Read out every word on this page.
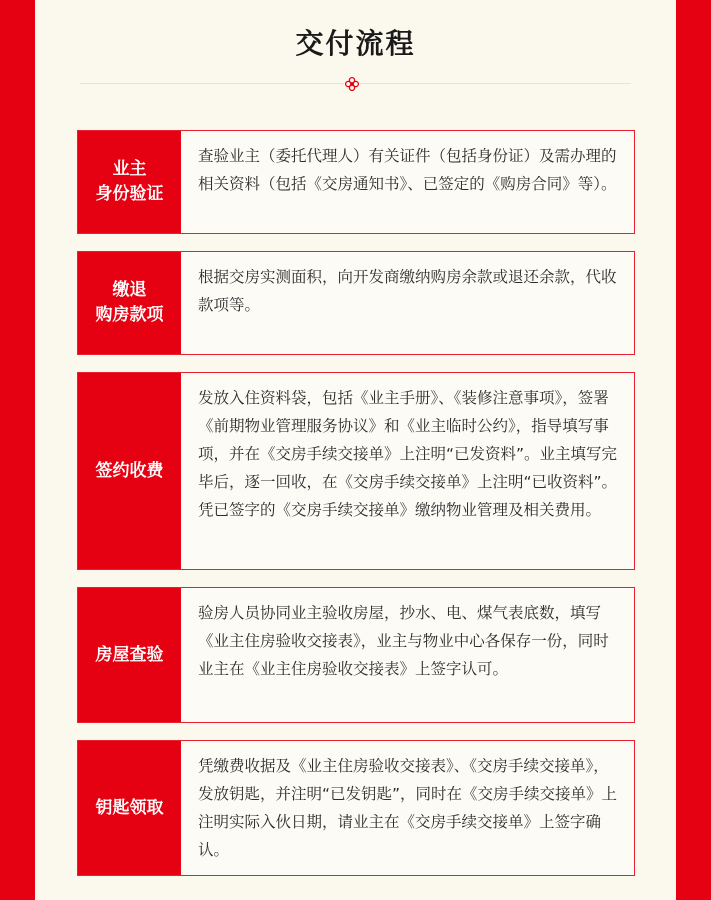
交付流程
业主
身份验证
查验业主（委托代理人）有关证件（包括身份证）及需办理的相关资料（包括《交房通知书》、已签定的《购房合同》等）。
缴退
购房款项
根据交房实测面积，向开发商缴纳购房余款或退还余款，代收款项等。
签约收费
发放入住资料袋，包括《业主手册》、《装修注意事项》，签署《前期物业管理服务协议》和《业主临时公约》，指导填写事项，并在《交房手续交接单》上注明“已发资料”。业主填写完毕后，逐一回收，在《交房手续交接单》上注明“已收资料”。凭已签字的《交房手续交接单》缴纳物业管理及相关费用。
房屋查验
验房人员协同业主验收房屋，抄水、电、煤气表底数，填写《业主住房验收交接表》，业主与物业中心各保存一份，同时业主在《业主住房验收交接表》上签字认可。
钥匙领取
凭缴费收据及《业主住房验收交接表》、《交房手续交接单》，发放钥匙，并注明“已发钥匙”，同时在《交房手续交接单》上注明实际入伙日期，请业主在《交房手续交接单》上签字确认。
